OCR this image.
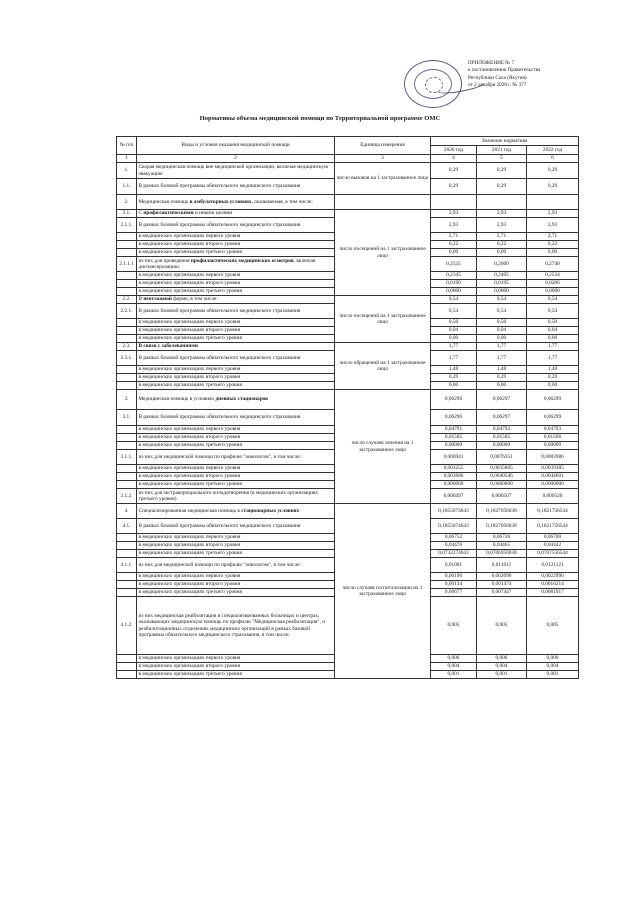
ПРИЛОЖЕНИЕ № 7
к постановлению Правительства
Республики Саха (Якутия)
от 2 декабря 2020 г. № 377
Нормативы объема медицинской помощи по Территориальной программе ОМС
№ п/п	Виды и условия оказания медицинской помощи	Единица измерения	Значение норматива		
			2020 год	2021 год	2022 год
1	2	3	4	5	6
1.	Скорая медицинская помощь вне медицинской организации, включая медицинскую эвакуацию	число вызовов на 1 застрахованное лицо	0,29	0,29	0,29
1.1.	В рамках базовой программы обязательного медицинского страхования		0,29	0,29	0,29
2.	Медицинская помощь в амбулаторных условиях, оказываемая, в том числе:				
2.1.	С профилактическими и иными целями	число посещений на 1 застрахованное лицо	2,93	2,93	2,93
2.1.1.	В рамках базовой программы обязательного медицинского страхования		2,93	2,93	2,93
	в медицинских организациях первого уровня		2,71	2,71	2,71
	в медицинских организациях второго уровня		0,22	0,22	0,22
	в медицинских организациях третьего уровня		0,00	0,00	0,00
2.1.1.1	из них для проведения профилактических медицинских осмотров, включая диспансеризацию:		0,2535	0,2600	0,2740
	в медицинских организациях первого уровня		0,2345	0,2405	0,2534
	в медицинских организациях второго уровня		0,0190	0,0195	0,0206
	в медицинских организациях третьего уровня		0,0000	0,0000	0,0000
2.2.	В неотложной форме, в том числе:	число посещений на 1 застрахованное лицо	0,54	0,54	0,54
2.2.1.	В рамках базовой программы обязательного медицинского страхования		0,54	0,54	0,54
	в медицинских организациях первого уровня		0,50	0,50	0,50
	в медицинских организациях второго уровня		0,04	0,04	0,04
	в медицинских организациях третьего уровня		0,00	0,00	0,00
2.3.	В связи с заболеваниями	число обращений на 1 застрахованное лицо	1,77	1,77	1,77
2.3.1.	В рамках базовой программы обязательного медицинского страхования		1,77	1,77	1,77
	в медицинских организациях первого уровня		1,48	1,48	1,48
	в медицинских организациях второго уровня		0,29	0,29	0,29
	в медицинских организациях третьего уровня		0,00	0,00	0,00
3.	Медицинская помощь в условиях дневных стационаров	число случаев лечения на 1 застрахованное лицо	0,06296	0,06297	0,06299
3.1.	В рамках базовой программы обязательного медицинского страхования		0,06296	0,06297	0,06299
	в медицинских организациях первого уровня		0,04791	0,04792	0,04793
	в медицинских организациях второго уровня		0,01505	0,01505	0,01506
	в медицинских организациях третьего уровня		0,00000	0,00000	0,00000
3.1.1.	из них для медицинской помощи по профилю "онкология", в том числе:		0,006941	0,0076351	0,0083986
	в медицинских организациях первого уровня		0,003255	0,0035805	0,0039385
	в медицинских организациях второго уровня		0,003686	0,0040546	0,0044601
	в медицинских организациях третьего уровня		0,000000	0,0000000	0,0000000
3.1.2.	из них для экстракорпорального оплодотворения (в медицинских организациях третьего уровня)		0,000497	0,000507	0,000520
4.	Специализированная медицинская помощь в стационарных условиях	число случаев госпитализации на 1 застрахованное лицо	0,1855074643	0,1827056038	0,1821756544
4.1.	В рамках базовой программы обязательного медицинского страхования		0,1855074643	0,1827056038	0,1821756544
	в медицинских организациях первого уровня		0,06752	0,06736	0,06700
	в медицинских организациях второго уровня		0,04476	0,04465	0,04442
	в медицинских организациях третьего уровня		0,0732274643	0,0706956038	0,0707556544
4.1.1.	из них для медицинской помощи по профилю "онкология", в том числе:		0,01001	0,011011	0,0121121
	в медицинских организациях первого уровня		0,00190	0,002090	0,0022990
	в медицинских организациях второго уровня		0,00134	0,001474	0,0016214
	в медицинских организациях третьего уровня		0,00677	0,007447	0,0081917
4.1.2.	из них медицинская реабилитация в специализированных больницах и центрах, оказывающих медицинскую помощь по профилю "Медицинская реабилитация", и реабилитационных отделениях медицинских организаций в рамках базовой программы обязательного медицинского страхования, в том числе:		0,005	0,005	0,005
	в медицинских организациях первого уровня		0,000	0,000	0,000
	в медицинских организациях второго уровня		0,004	0,004	0,004
	в медицинских организациях третьего уровня		0,001	0,001	0,001
